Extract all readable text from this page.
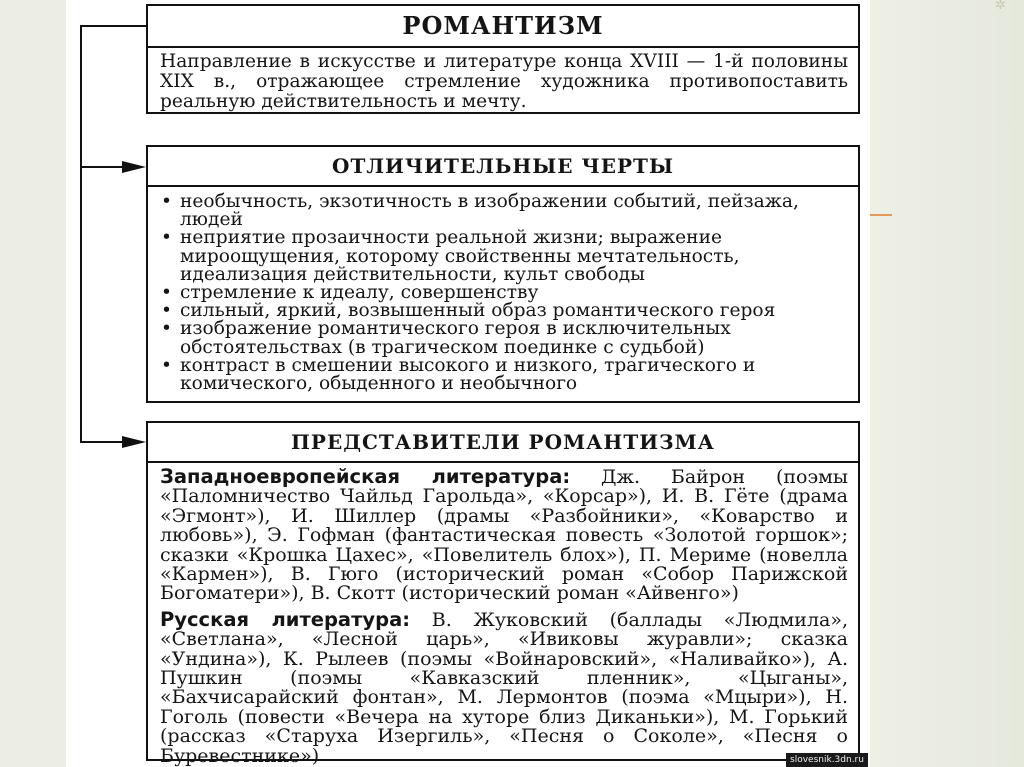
✲
РОМАНТИЗМ

Направление в искусстве и литературе конца XVIII — 1-й половины XIX в., отражающее стремление художника противопоставить реальную действительность и мечту.

ОТЛИЧИТЕЛЬНЫЕ ЧЕРТЫ
• необычность, экзотичность в изображении событий, пейзажа, людей
• неприятие прозаичности реальной жизни; выражение мироощущения, которому свойственны мечтательность, идеализация действительности, культ свободы
• стремление к идеалу, совершенству
• сильный, яркий, возвышенный образ романтического героя
• изображение романтического героя в исключительных обстоятельствах (в трагическом поединке с судьбой)
• контраст в смешении высокого и низкого, трагического и комического, обыденного и необычного
ПРЕДСТАВИТЕЛИ РОМАНТИЗМА

Западноевропейская литература: Дж. Байрон (поэмы «Паломничество Чайльд Гарольда», «Корсар»), И. В. Гёте (драма «Эгмонт»), И. Шиллер (драмы «Разбойники», «Коварство и любовь»), Э. Гофман (фантастическая повесть «Золотой горшок»; сказки «Крошка Цахес», «Повелитель блох»), П. Мериме (новелла «Кармен»), В. Гюго (исторический роман «Собор Парижской Богоматери»), В. Скотт (исторический роман «Айвенго»)

Русская литература: В. Жуковский (баллады «Людмила», «Светлана», «Лесной царь», «Ивиковы журавли»; сказка «Ундина»), К. Рылеев (поэмы «Войнаровский», «Наливайко»), А. Пушкин (поэмы «Кавказский пленник», «Цыганы», «Бахчисарайский фонтан», М. Лермонтов (поэма «Мцыри»), Н. Гоголь (повести «Вечера на хуторе близ Диканьки»), М. Горький (рассказ «Старуха Изергиль», «Песня о Соколе», «Песня о Буревестнике»)	slovesnik.3dn.ru
